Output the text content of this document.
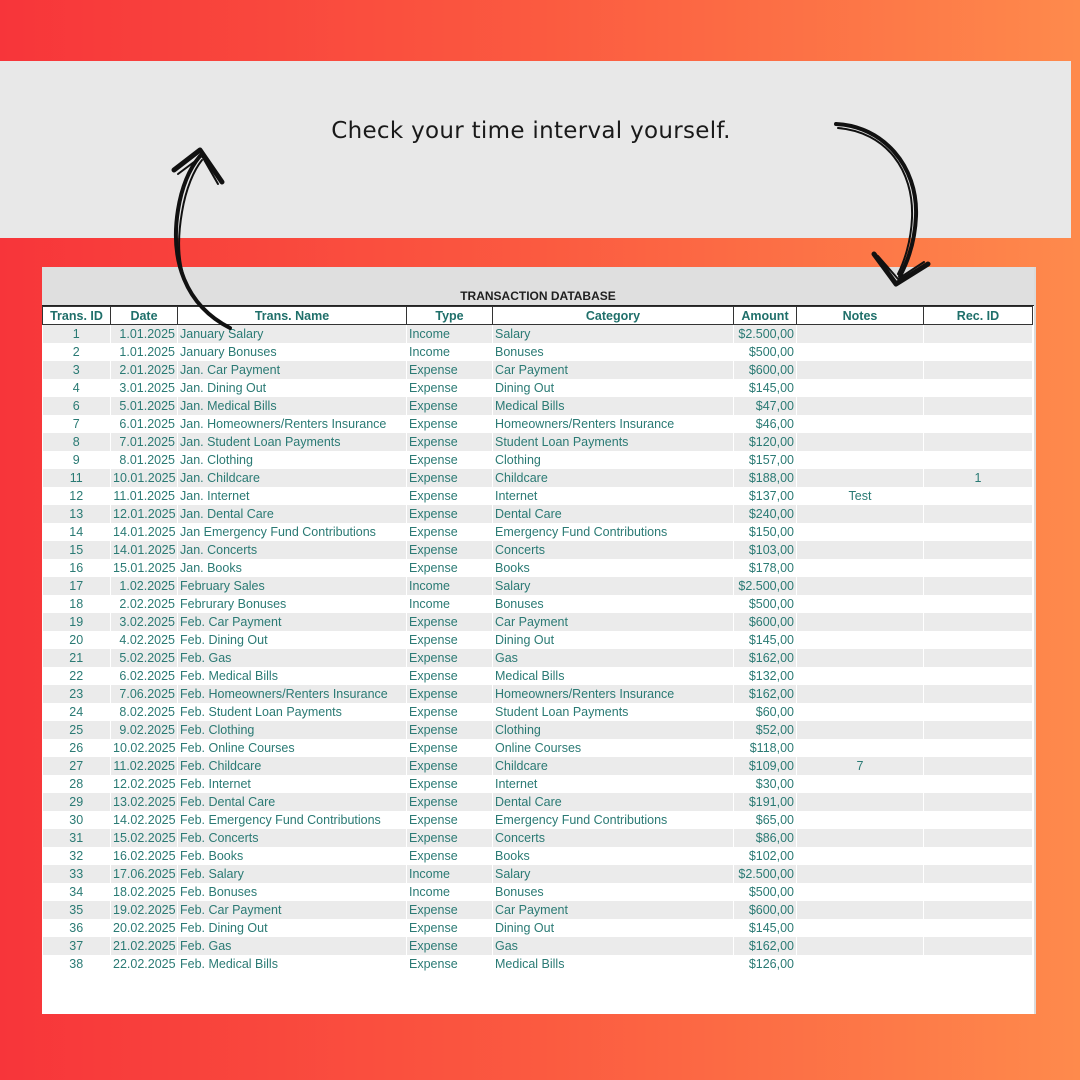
Check your time interval yourself.
TRANSACTION DATABASE
Trans. ID	Date	Trans. Name	Type	Category	Amount	Notes	Rec. ID
1	1.01.2025	January Salary	Income	Salary	$2.500,00		
2	1.01.2025	January Bonuses	Income	Bonuses	$500,00		
3	2.01.2025	Jan. Car Payment	Expense	Car Payment	$600,00		
4	3.01.2025	Jan. Dining Out	Expense	Dining Out	$145,00		
6	5.01.2025	Jan. Medical Bills	Expense	Medical Bills	$47,00		
7	6.01.2025	Jan. Homeowners/Renters Insurance	Expense	Homeowners/Renters Insurance	$46,00		
8	7.01.2025	Jan. Student Loan Payments	Expense	Student Loan Payments	$120,00		
9	8.01.2025	Jan. Clothing	Expense	Clothing	$157,00		
11	10.01.2025	Jan. Childcare	Expense	Childcare	$188,00		1
12	11.01.2025	Jan. Internet	Expense	Internet	$137,00	Test	
13	12.01.2025	Jan. Dental Care	Expense	Dental Care	$240,00		
14	14.01.2025	Jan Emergency Fund Contributions	Expense	Emergency Fund Contributions	$150,00		
15	14.01.2025	Jan. Concerts	Expense	Concerts	$103,00		
16	15.01.2025	Jan. Books	Expense	Books	$178,00		
17	1.02.2025	February Sales	Income	Salary	$2.500,00		
18	2.02.2025	Februrary Bonuses	Income	Bonuses	$500,00		
19	3.02.2025	Feb. Car Payment	Expense	Car Payment	$600,00		
20	4.02.2025	Feb. Dining Out	Expense	Dining Out	$145,00		
21	5.02.2025	Feb. Gas	Expense	Gas	$162,00		
22	6.02.2025	Feb. Medical Bills	Expense	Medical Bills	$132,00		
23	7.06.2025	Feb. Homeowners/Renters Insurance	Expense	Homeowners/Renters Insurance	$162,00		
24	8.02.2025	Feb. Student Loan Payments	Expense	Student Loan Payments	$60,00		
25	9.02.2025	Feb. Clothing	Expense	Clothing	$52,00		
26	10.02.2025	Feb. Online Courses	Expense	Online Courses	$118,00		
27	11.02.2025	Feb. Childcare	Expense	Childcare	$109,00	7	
28	12.02.2025	Feb. Internet	Expense	Internet	$30,00		
29	13.02.2025	Feb. Dental Care	Expense	Dental Care	$191,00		
30	14.02.2025	Feb. Emergency Fund Contributions	Expense	Emergency Fund Contributions	$65,00		
31	15.02.2025	Feb. Concerts	Expense	Concerts	$86,00		
32	16.02.2025	Feb. Books	Expense	Books	$102,00		
33	17.06.2025	Feb. Salary	Income	Salary	$2.500,00		
34	18.02.2025	Feb. Bonuses	Income	Bonuses	$500,00		
35	19.02.2025	Feb. Car Payment	Expense	Car Payment	$600,00		
36	20.02.2025	Feb. Dining Out	Expense	Dining Out	$145,00		
37	21.02.2025	Feb. Gas	Expense	Gas	$162,00		
38	22.02.2025	Feb. Medical Bills	Expense	Medical Bills	$126,00		
